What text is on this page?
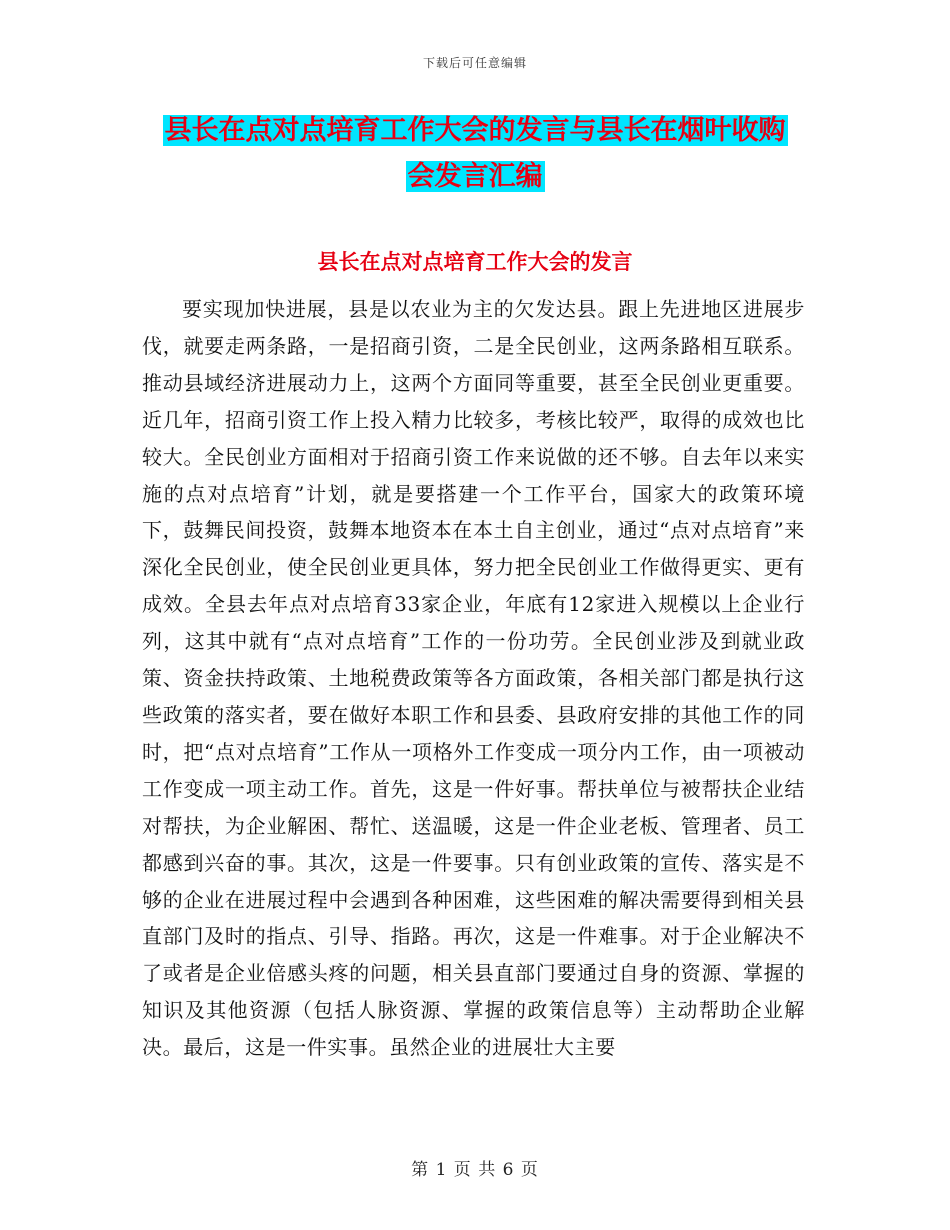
下载后可任意编辑
县长在点对点培育工作大会的发言与县长在烟叶收购
会发言汇编
县长在点对点培育工作大会的发言

要实现加快进展，县是以农业为主的欠发达县。跟上先进地区进展步伐，就要走两条路，一是招商引资，二是全民创业，这两条路相互联系。推动县域经济进展动力上，这两个方面同等重要，甚至全民创业更重要。近几年，招商引资工作上投入精力比较多，考核比较严，取得的成效也比较大。全民创业方面相对于招商引资工作来说做的还不够。自去年以来实施的点对点培育”计划，就是要搭建一个工作平台，国家大的政策环境下，鼓舞民间投资，鼓舞本地资本在本土自主创业，通过“点对点培育”来深化全民创业，使全民创业更具体，努力把全民创业工作做得更实、更有成效。全县去年点对点培育33家企业，年底有12家进入规模以上企业行列，这其中就有“点对点培育”工作的一份功劳。全民创业涉及到就业政策、资金扶持政策、土地税费政策等各方面政策，各相关部门都是执行这些政策的落实者，要在做好本职工作和县委、县政府安排的其他工作的同时，把“点对点培育”工作从一项格外工作变成一项分内工作，由一项被动工作变成一项主动工作。首先，这是一件好事。帮扶单位与被帮扶企业结对帮扶，为企业解困、帮忙、送温暖，这是一件企业老板、管理者、员工都感到兴奋的事。其次，这是一件要事。只有创业政策的宣传、落实是不够的企业在进展过程中会遇到各种困难，这些困难的解决需要得到相关县直部门及时的指点、引导、指路。再次，这是一件难事。对于企业解决不了或者是企业倍感头疼的问题，相关县直部门要通过自身的资源、掌握的知识及其他资源（包括人脉资源、掌握的政策信息等）主动帮助企业解决。最后，这是一件实事。虽然企业的进展壮大主要

第 1 页 共 6 页
